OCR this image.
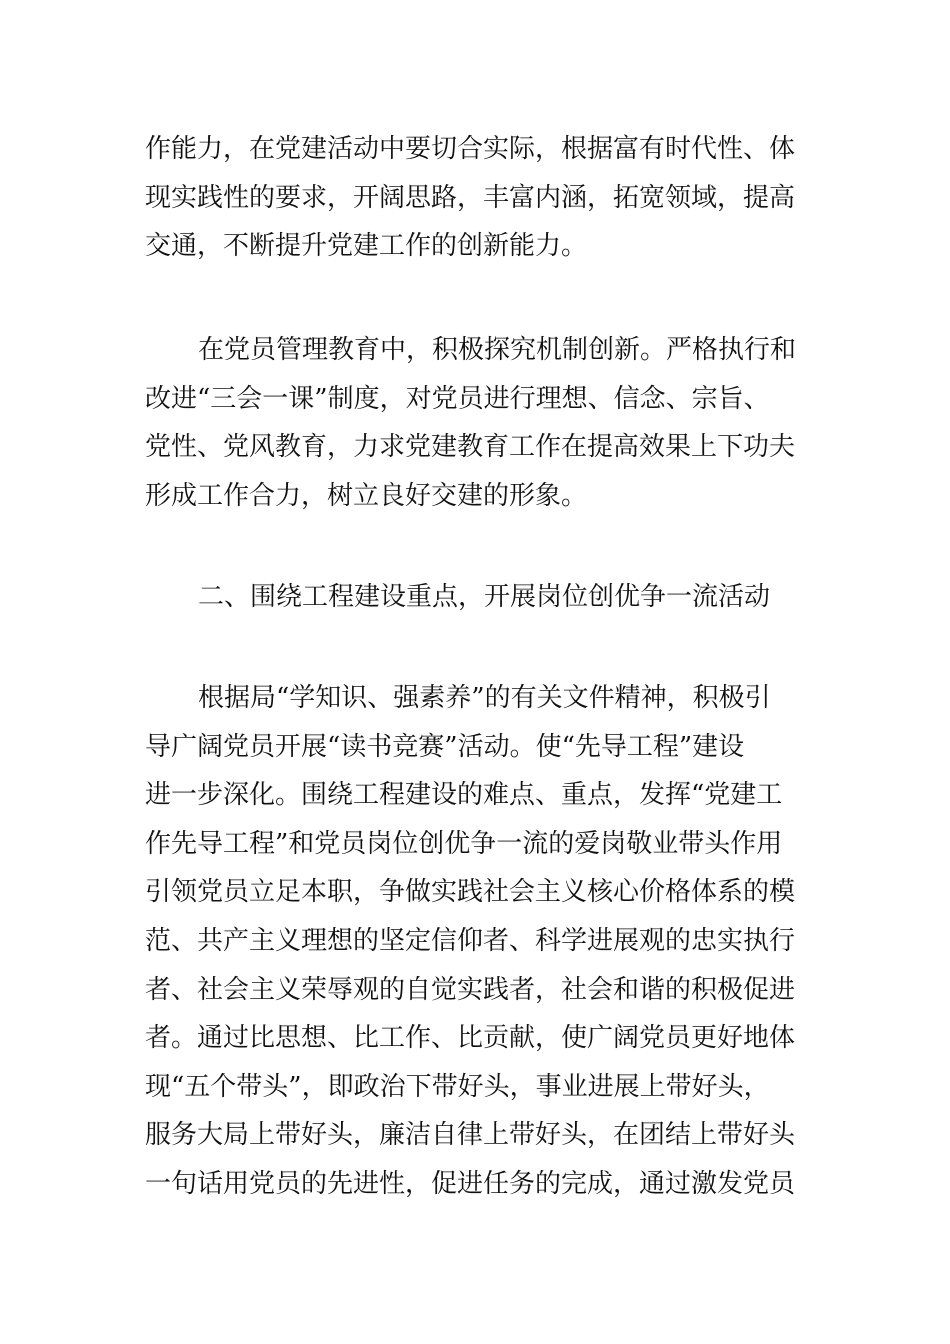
作能力，在党建活动中要切合实际，根据富有时代性、体
现实践性的要求，开阔思路，丰富内涵，拓宽领域，提高
交通，不断提升党建工作的创新能力。
在党员管理教育中，积极探究机制创新。严格执行和
改进“三会一课”制度，对党员进行理想、信念、宗旨、
党性、党风教育，力求党建教育工作在提高效果上下功夫
形成工作合力，树立良好交建的形象。
二、围绕工程建设重点，开展岗位创优争一流活动
根据局“学知识、强素养”的有关文件精神，积极引
导广阔党员开展“读书竞赛”活动。使“先导工程”建设
进一步深化。围绕工程建设的难点、重点，发挥“党建工
作先导工程”和党员岗位创优争一流的爱岗敬业带头作用
引领党员立足本职，争做实践社会主义核心价格体系的模
范、共产主义理想的坚定信仰者、科学进展观的忠实执行
者、社会主义荣辱观的自觉实践者，社会和谐的积极促进
者。通过比思想、比工作、比贡献，使广阔党员更好地体
现“五个带头”，即政治下带好头，事业进展上带好头，
服务大局上带好头，廉洁自律上带好头，在团结上带好头
一句话用党员的先进性，促进任务的完成，通过激发党员
